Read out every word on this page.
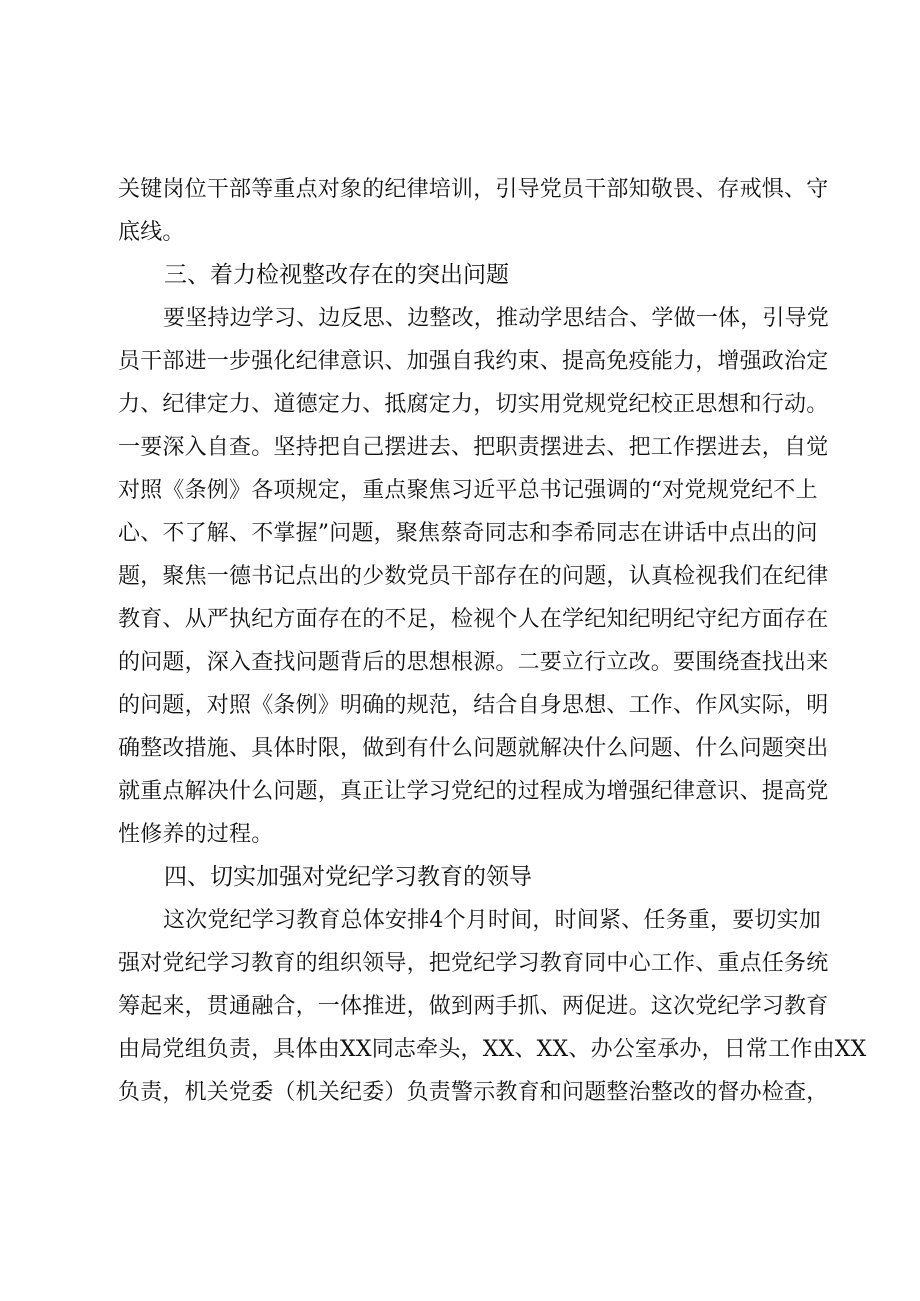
关键岗位干部等重点对象的纪律培训，引导党员干部知敬畏、存戒惧、守
底线。
三、着力检视整改存在的突出问题
要坚持边学习、边反思、边整改，推动学思结合、学做一体，引导党
员干部进一步强化纪律意识、加强自我约束、提高免疫能力，增强政治定
力、纪律定力、道德定力、抵腐定力，切实用党规党纪校正思想和行动。
一要深入自查。坚持把自己摆进去、把职责摆进去、把工作摆进去，自觉
对照《条例》各项规定，重点聚焦习近平总书记强调的“对党规党纪不上
心、不了解、不掌握”问题，聚焦蔡奇同志和李希同志在讲话中点出的问
题，聚焦一德书记点出的少数党员干部存在的问题，认真检视我们在纪律
教育、从严执纪方面存在的不足，检视个人在学纪知纪明纪守纪方面存在
的问题，深入查找问题背后的思想根源。二要立行立改。要围绕查找出来
的问题，对照《条例》明确的规范，结合自身思想、工作、作风实际，明
确整改措施、具体时限，做到有什么问题就解决什么问题、什么问题突出
就重点解决什么问题，真正让学习党纪的过程成为增强纪律意识、提高党
性修养的过程。
四、切实加强对党纪学习教育的领导
这次党纪学习教育总体安排4个月时间，时间紧、任务重，要切实加
强对党纪学习教育的组织领导，把党纪学习教育同中心工作、重点任务统
筹起来，贯通融合，一体推进，做到两手抓、两促进。这次党纪学习教育
由局党组负责，具体由XX同志牵头，XX、XX、办公室承办，日常工作由XX
负责，机关党委（机关纪委）负责警示教育和问题整治整改的督办检查，
